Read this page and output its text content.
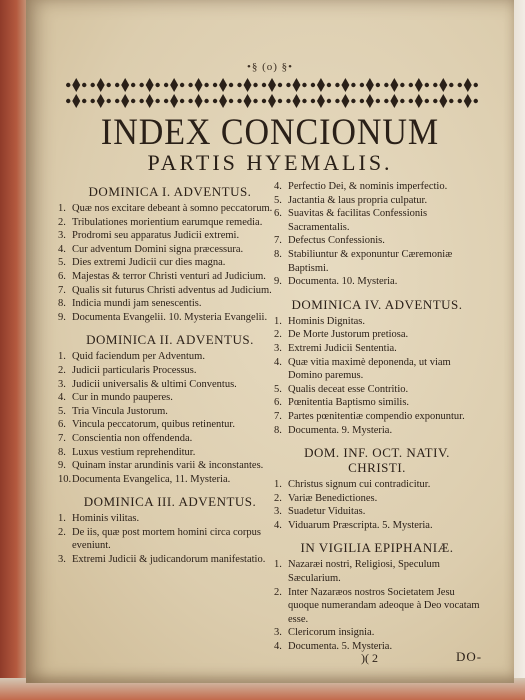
•§ (o) §•
INDEX CONCIONUM
PARTIS HYEMALIS.
DOMINICA I. ADVENTUS.

1. Quæ nos excitare debeant à somno peccatorum.

2. Tribulationes morientium earumque remedia.

3. Prodromi seu apparatus Judicii extremi.

4. Cur adventum Domini signa præcessura.

5. Dies extremi Judicii cur dies magna.

6. Majestas & terror Christi venturi ad Judicium.

7. Qualis sit futurus Christi adventus ad Judicium.

8. Indicia mundi jam senescentis.

9. Documenta Evangelii. 10. Mysteria Evangelii.

DOMINICA II. ADVENTUS.

1. Quid faciendum per Adventum.

2. Judicii particularis Processus.

3. Judicii universalis & ultimi Conventus.

4. Cur in mundo pauperes.

5. Tria Vincula Justorum.

6. Vincula peccatorum, quibus retinentur.

7. Conscientia non offendenda.

8. Luxus vestium reprehenditur.

9. Quinam instar arundinis varii & inconstantes.

10.Documenta Evangelica, 11. Mysteria.

DOMINICA III. ADVENTUS.

1. Hominis vilitas.

2. De iis, quæ post mortem homini circa corpus eveniunt.

3. Extremi Judicii & judicandorum manifestatio.

4. Perfectio Dei, & nominis imperfectio.

5. Jactantia & laus propria culpatur.

6. Suavitas & facilitas Confessionis Sacramentalis.

7. Defectus Confessionis.

8. Stabiliuntur & exponuntur Cæremoniæ Baptismi.

9. Documenta. 10. Mysteria.

DOMINICA IV. ADVENTUS.

1. Hominis Dignitas.

2. De Morte Justorum pretiosa.

3. Extremi Judicii Sententia.

4. Quæ vitia maximè deponenda, ut viam Domino paremus.

5. Qualis deceat esse Contritio.

6. Pœnitentia Baptismo similis.

7. Partes pœnitentiæ compendio exponuntur.

8. Documenta. 9. Mysteria.

DOM. INF. OCT. NATIV. CHRISTI.

1. Christus signum cui contradicitur.

2. Variæ Benedictiones.

3. Suadetur Viduitas.

4. Viduarum Præscripta. 5. Mysteria.

IN VIGILIA EPIPHANIÆ.

1. Nazaræi nostri, Religiosi, Speculum Sæcularium.

2. Inter Nazaræos nostros Societatem Jesu quoque numerandam adeoque à Deo vocatam esse.

3. Clericorum insignia.

4. Documenta. 5. Mysteria.

)( 2	DO-
